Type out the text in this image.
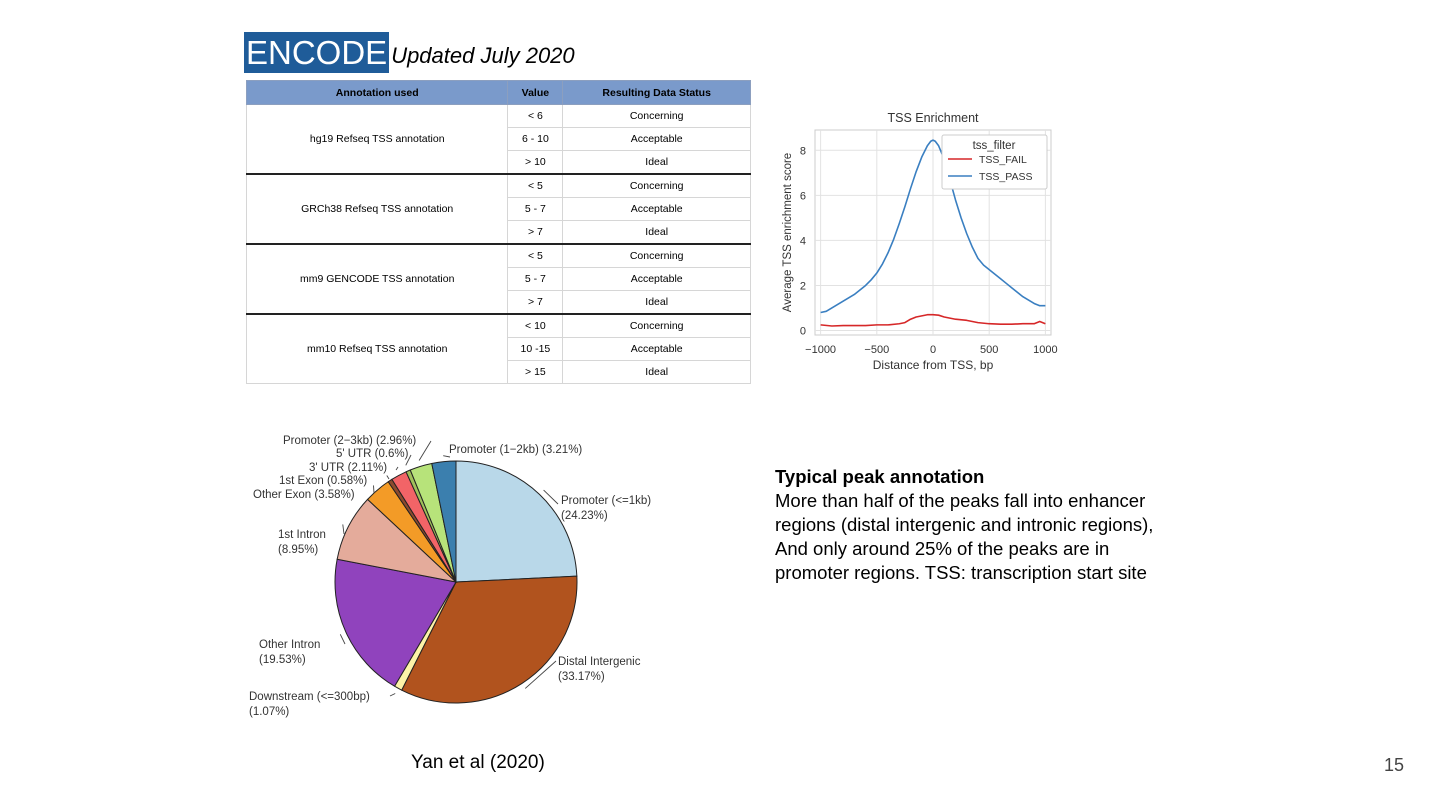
ENCODE Updated July 2020
Annotation used	Value	Resulting Data Status
hg19 Refseq TSS annotation	< 6	Concerning
	6 - 10	Acceptable
	> 10	Ideal
GRCh38 Refseq TSS annotation	< 5	Concerning
	5 - 7	Acceptable
	> 7	Ideal
mm9 GENCODE TSS annotation	< 5	Concerning
	5 - 7	Acceptable
	> 7	Ideal
mm10 Refseq TSS annotation	< 10	Concerning
	10 -15	Acceptable
	> 15	Ideal
−1000	−500	0	500	1000
0
2
4
6
8
TSS Enrichment
Distance from TSS, bp
Average TSS enrichment score
tss_filter
TSS_FAIL
TSS_PASS
Promoter (<=1kb)
(24.23%)
Distal Intergenic
(33.17%)
Downstream (<=300bp)
(1.07%)
Other Intron
(19.53%)
1st Intron
(8.95%)
Other Exon (3.58%)
1st Exon (0.58%)
3' UTR (2.11%)
5' UTR (0.6%)
Promoter (2−3kb) (2.96%)
Promoter (1−2kb) (3.21%)
Typical peak annotation
More than half of the peaks fall into enhancer regions (distal intergenic and intronic regions),
And only around 25% of the peaks are in promoter regions. TSS: transcription start site
Yan et al (2020)	15
